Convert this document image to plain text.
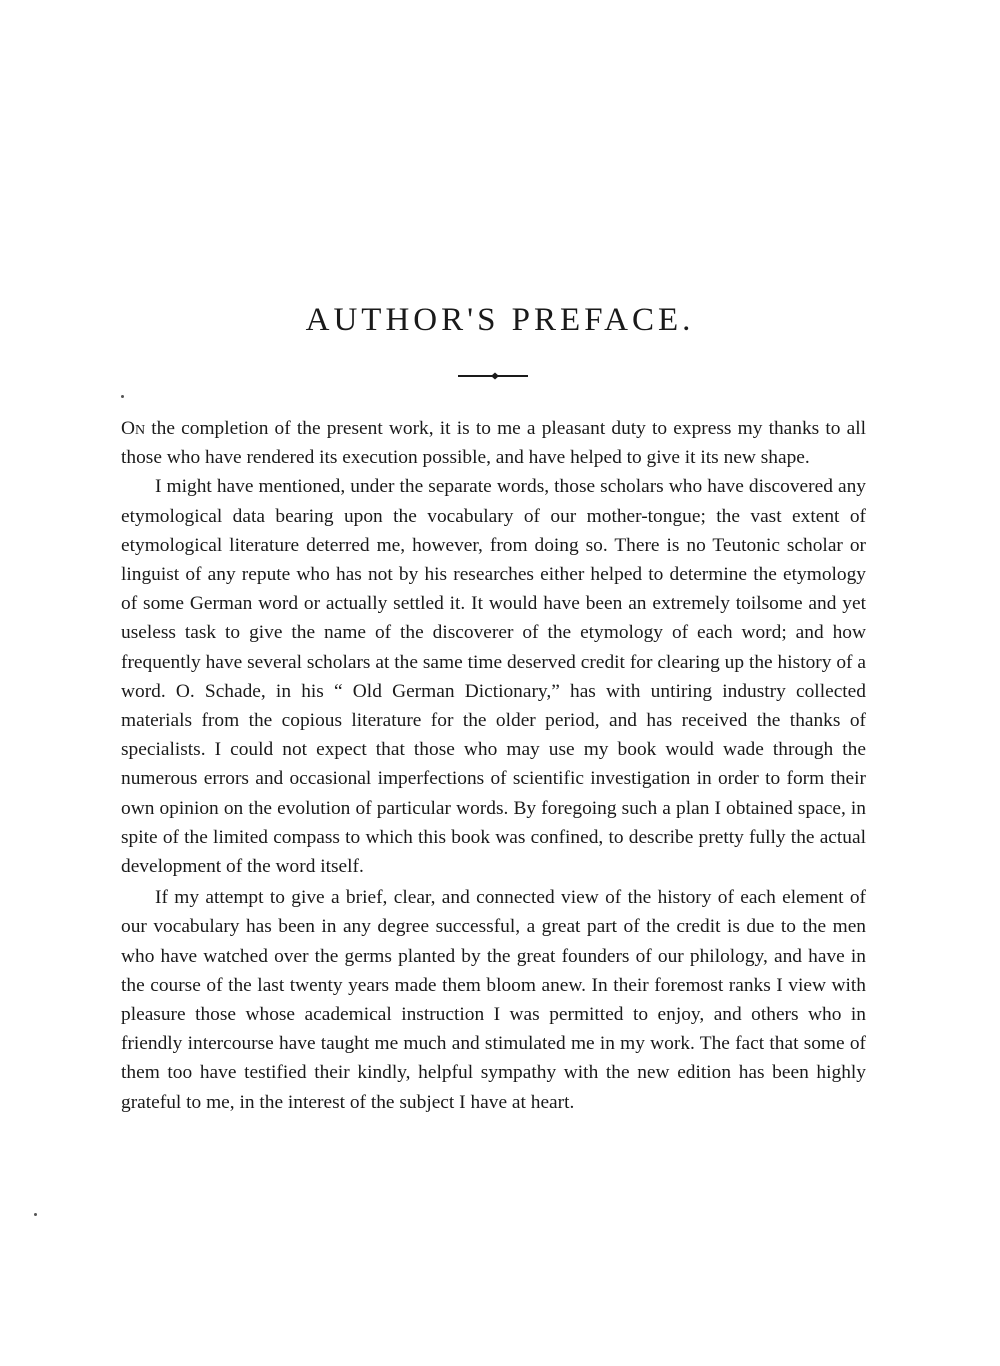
AUTHOR'S PREFACE.

On the completion of the present work, it is to me a pleasant duty to express my thanks to all those who have rendered its execution possible, and have helped to give it its new shape.

I might have mentioned, under the separate words, those scholars who have discovered any etymological data bearing upon the vocabulary of our mother-tongue; the vast extent of etymological literature deterred me, however, from doing so. There is no Teutonic scholar or linguist of any repute who has not by his researches either helped to determine the etymology of some German word or actually settled it. It would have been an extremely toilsome and yet useless task to give the name of the discoverer of the etymology of each word; and how frequently have several scholars at the same time deserved credit for clearing up the history of a word. O. Schade, in his “ Old German Dictionary,” has with untiring industry collected materials from the copious literature for the older period, and has received the thanks of specialists. I could not expect that those who may use my book would wade through the numerous errors and occasional imperfections of scientific investigation in order to form their own opinion on the evolution of particular words. By foregoing such a plan I obtained space, in spite of the limited compass to which this book was confined, to describe pretty fully the actual development of the word itself.

If my attempt to give a brief, clear, and connected view of the history of each element of our vocabulary has been in any degree successful, a great part of the credit is due to the men who have watched over the germs planted by the great founders of our philology, and have in the course of the last twenty years made them bloom anew. In their foremost ranks I view with pleasure those whose academical instruction I was permitted to enjoy, and others who in friendly intercourse have taught me much and stimulated me in my work. The fact that some of them too have testified their kindly, helpful sympathy with the new edition has been highly grateful to me, in the interest of the subject I have at heart.
